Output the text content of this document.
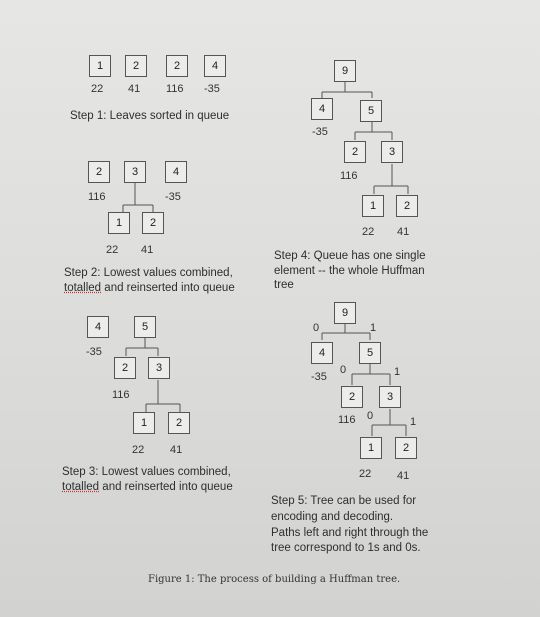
1	2	2	4
22 41 116 -35
Step 1: Leaves sorted in queue
2	3	4
116	-35
1	2
22 41
Step 2: Lowest values combined,
totalled and reinserted into queue
4	5
-35
2	3
116
1	2
22 41
Step 3: Lowest values combined,
totalled and reinserted into queue
9
4	5
-35
2	3
116
1	2
22 41
Step 4: Queue has one single
element -- the whole Huffman
tree
9
0	1
4	5
-35
0	1
2	3
116 0	1
1	2
22 41
Step 5: Tree can be used for
encoding and decoding.
Paths left and right through the
tree correspond to 1s and 0s.
Figure 1: The process of building a Huffman tree.
